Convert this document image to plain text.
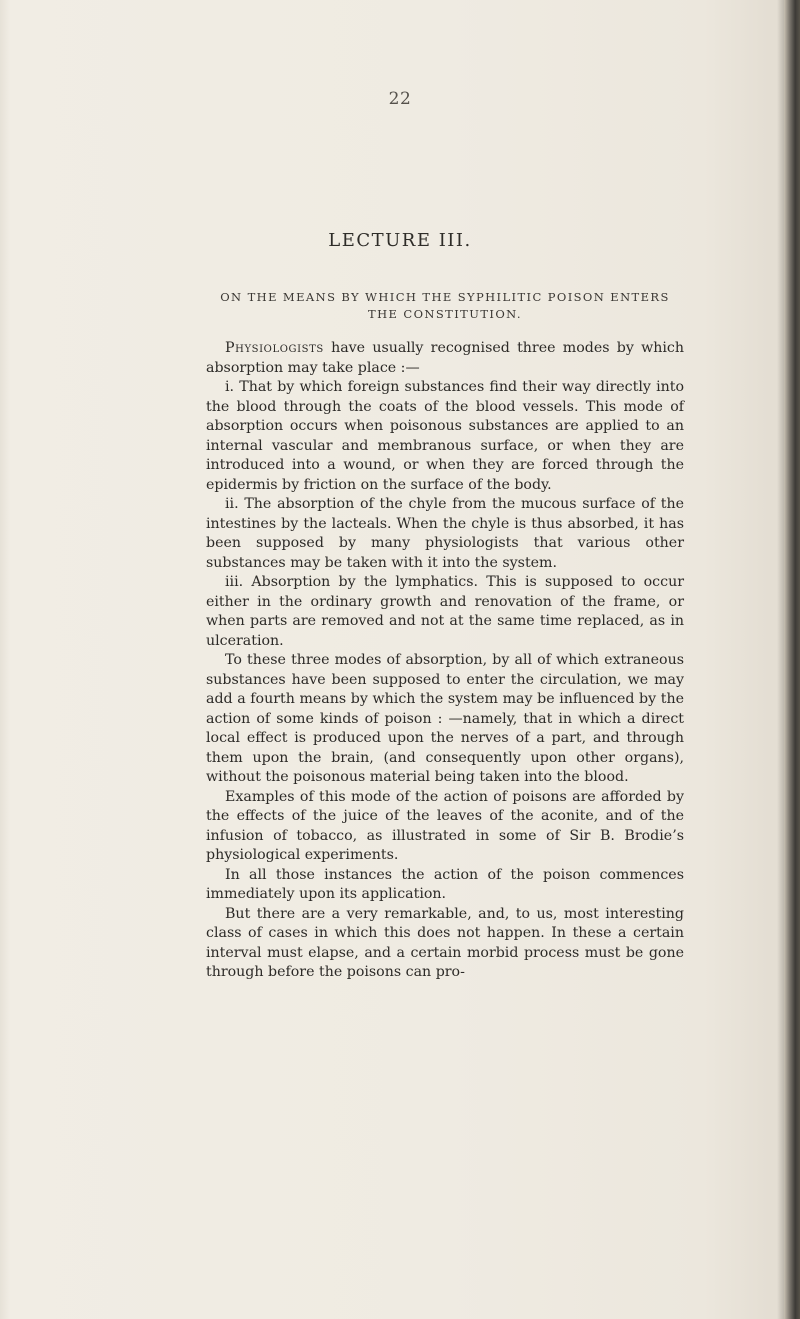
22
LECTURE III.
ON THE MEANS BY WHICH THE SYPHILITIC POISON ENTERS THE CONSTITUTION.

Physiologists have usually recognised three modes by which absorption may take place :—

i. That by which foreign substances find their way directly into the blood through the coats of the blood vessels. This mode of absorption occurs when poisonous substances are applied to an internal vascular and membranous surface, or when they are introduced into a wound, or when they are forced through the epidermis by friction on the surface of the body.

ii. The absorption of the chyle from the mucous surface of the intestines by the lacteals. When the chyle is thus absorbed, it has been supposed by many physiologists that various other substances may be taken with it into the system.

iii. Absorption by the lymphatics. This is supposed to occur either in the ordinary growth and renovation of the frame, or when parts are removed and not at the same time replaced, as in ulceration.

To these three modes of absorption, by all of which extraneous substances have been supposed to enter the circulation, we may add a fourth means by which the system may be influenced by the action of some kinds of poison : —namely, that in which a direct local effect is produced upon the nerves of a part, and through them upon the brain, (and consequently upon other organs), without the poisonous material being taken into the blood.

Examples of this mode of the action of poisons are afforded by the effects of the juice of the leaves of the aconite, and of the infusion of tobacco, as illustrated in some of Sir B. Brodie’s physiological experiments.

In all those instances the action of the poison commences immediately upon its application.

But there are a very remarkable, and, to us, most interesting class of cases in which this does not happen. In these a certain interval must elapse, and a certain morbid process must be gone through before the poisons can pro-
